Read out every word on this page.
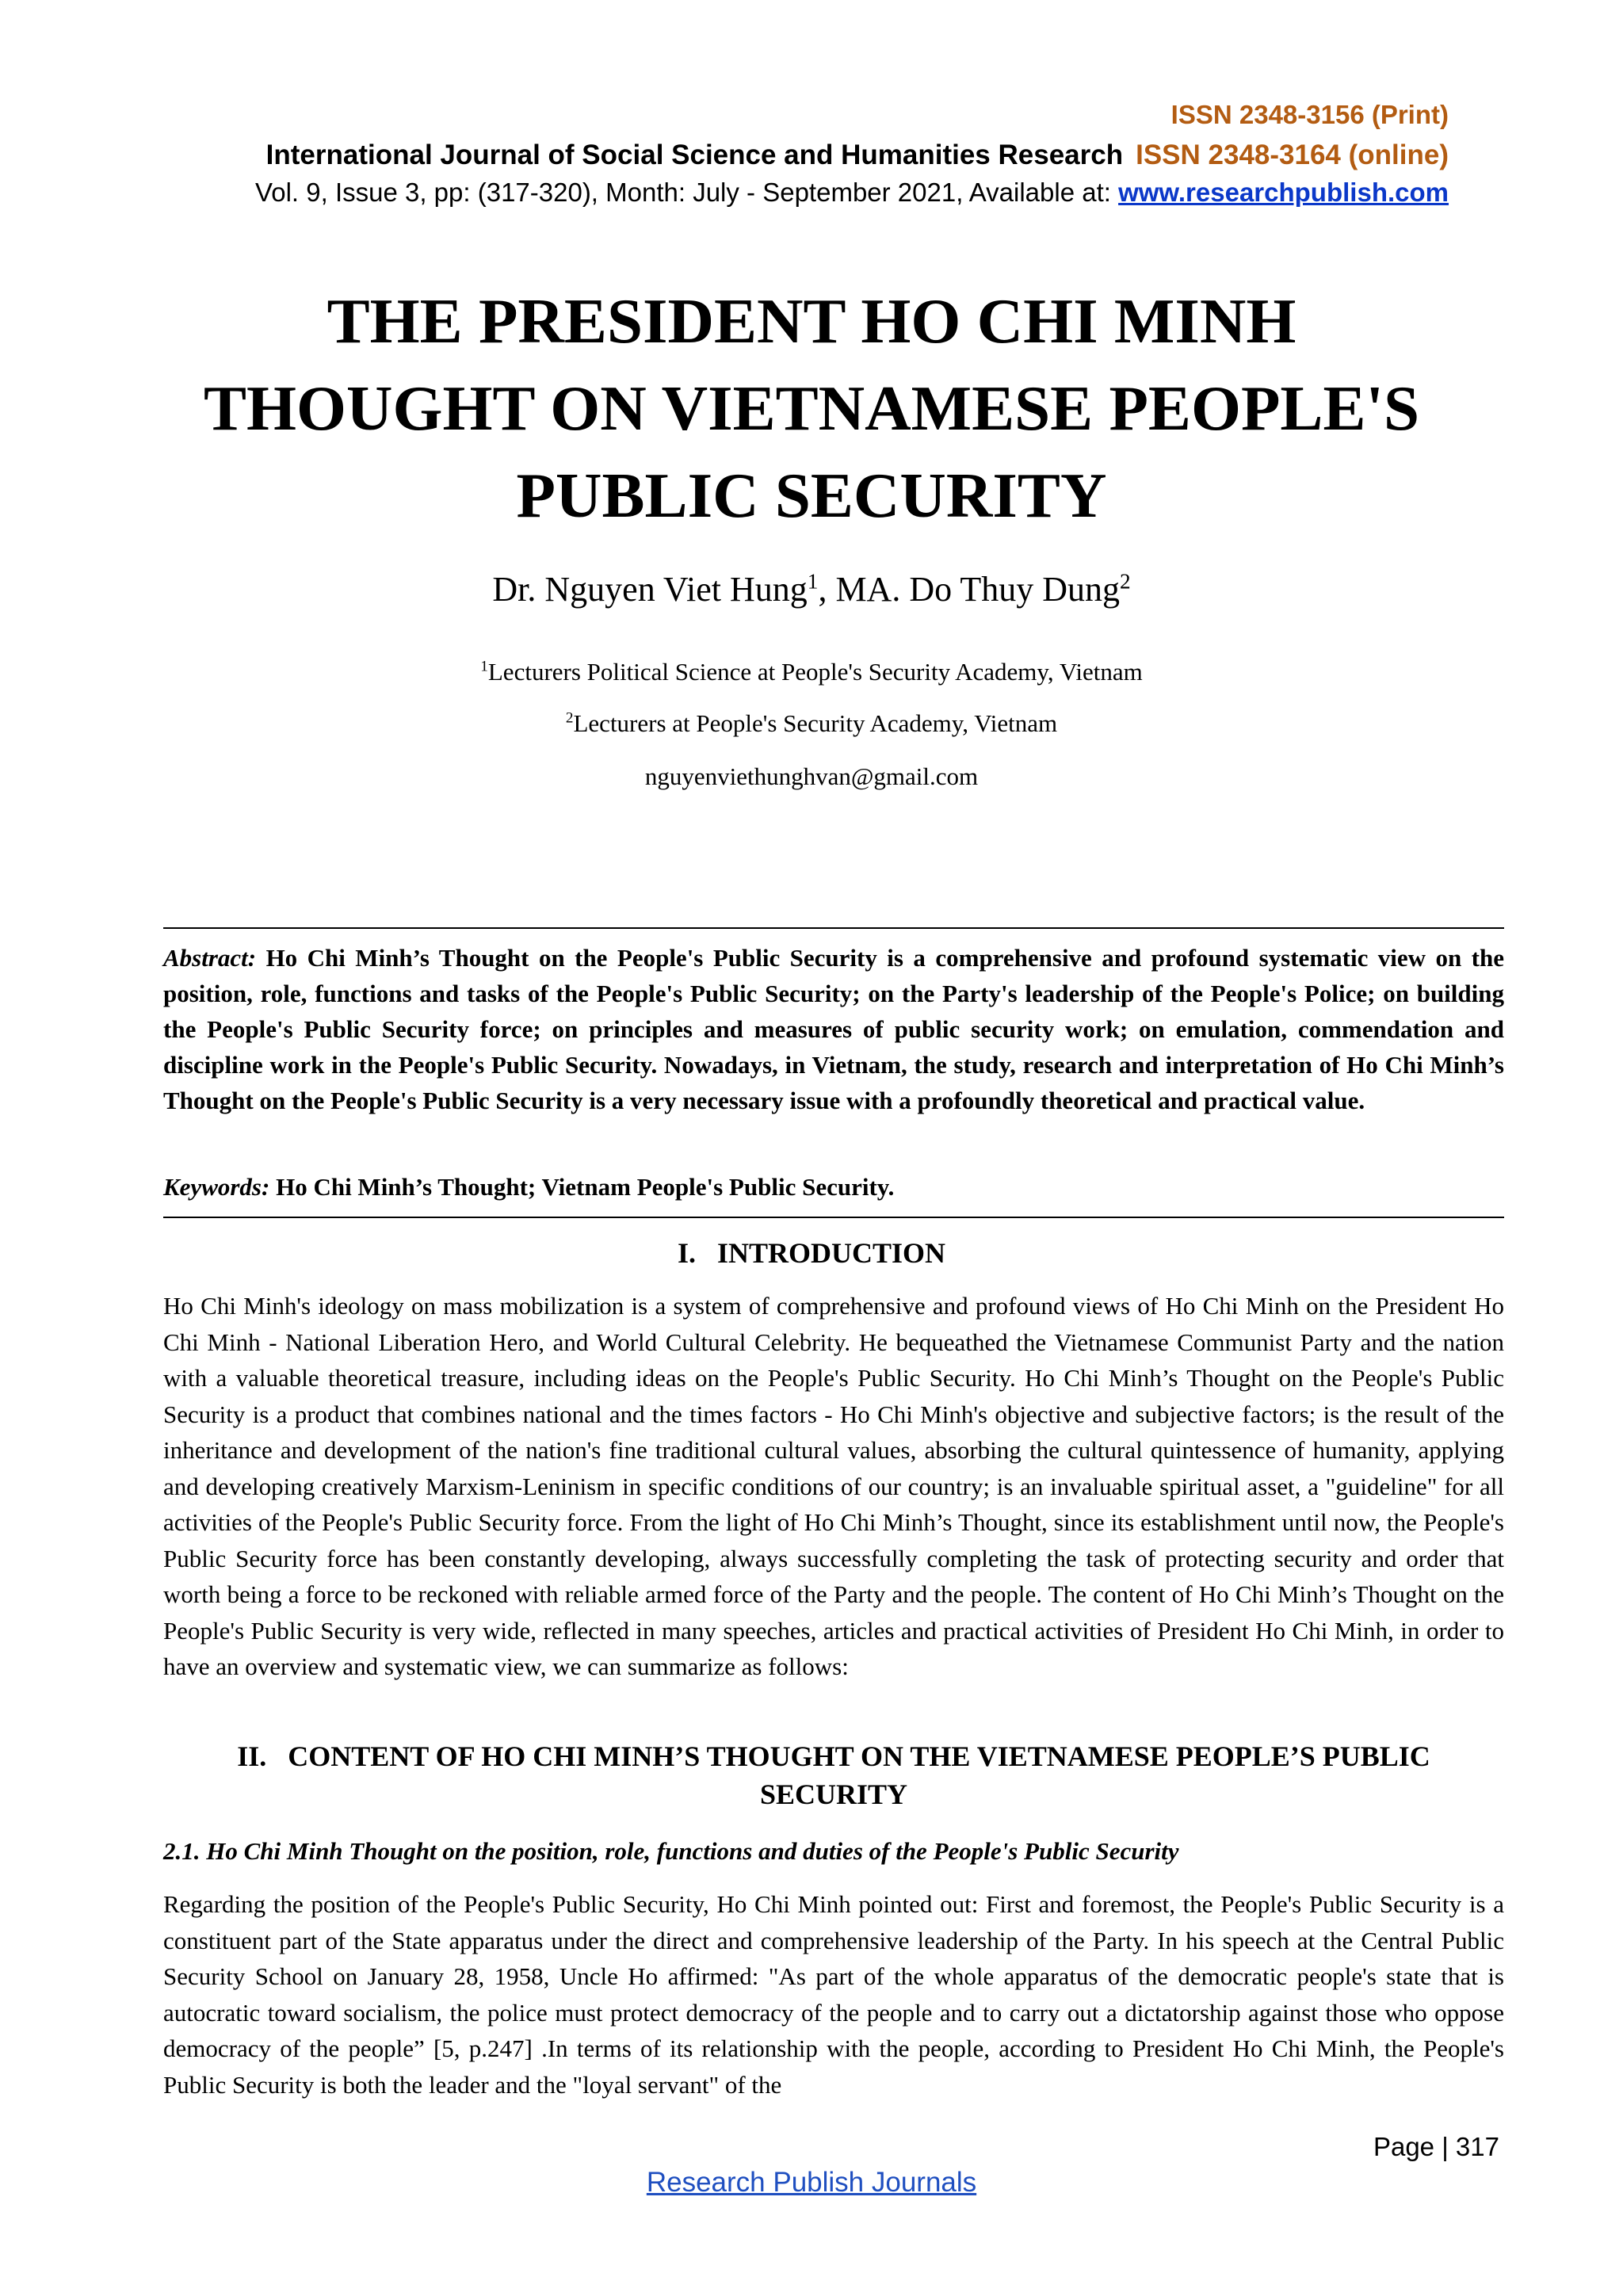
ISSN 2348-3156 (Print)
International Journal of Social Science and Humanities Research ISSN 2348-3164 (online)
Vol. 9, Issue 3, pp: (317-320), Month: July - September 2021, Available at: www.researchpublish.com
THE PRESIDENT HO CHI MINH
THOUGHT ON VIETNAMESE PEOPLE'S
PUBLIC SECURITY
Dr. Nguyen Viet Hung$^1$, MA. Do Thuy Dung$^2$
$^1$Lecturers Political Science at People's Security Academy, Vietnam
$^2$Lecturers at People's Security Academy, Vietnam
nguyenviethunghvan@gmail.com
Abstract: Ho Chi Minh’s Thought on the People's Public Security is a comprehensive and profound systematic view on the position, role, functions and tasks of the People's Public Security; on the Party's leadership of the People's Police; on building the People's Public Security force; on principles and measures of public security work; on emulation, commendation and discipline work in the People's Public Security. Nowadays, in Vietnam, the study, research and interpretation of Ho Chi Minh’s Thought on the People's Public Security is a very necessary issue with a profoundly theoretical and practical value.
Keywords: Ho Chi Minh’s Thought; Vietnam People's Public Security.
I.   INTRODUCTION
Ho Chi Minh's ideology on mass mobilization is a system of comprehensive and profound views of Ho Chi Minh on the President Ho Chi Minh - National Liberation Hero, and World Cultural Celebrity. He bequeathed the Vietnamese Communist Party and the nation with a valuable theoretical treasure, including ideas on the People's Public Security. Ho Chi Minh’s Thought on the People's Public Security is a product that combines national and the times factors - Ho Chi Minh's objective and subjective factors; is the result of the inheritance and development of the nation's fine traditional cultural values, absorbing the cultural quintessence of humanity, applying and developing creatively Marxism-Leninism in specific conditions of our country; is an invaluable spiritual asset, a "guideline" for all activities of the People's Public Security force. From the light of Ho Chi Minh’s Thought, since its establishment until now, the People's Public Security force has been constantly developing, always successfully completing the task of protecting security and order that worth being a force to be reckoned with reliable armed force of the Party and the people. The content of Ho Chi Minh’s Thought on the People's Public Security is very wide, reflected in many speeches, articles and practical activities of President Ho Chi Minh, in order to have an overview and systematic view, we can summarize as follows:
II.   CONTENT OF HO CHI MINH’S THOUGHT ON THE VIETNAMESE PEOPLE’S PUBLIC
SECURITY
2.1. Ho Chi Minh Thought on the position, role, functions and duties of the People's Public Security
Regarding the position of the People's Public Security, Ho Chi Minh pointed out: First and foremost, the People's Public Security is a constituent part of the State apparatus under the direct and comprehensive leadership of the Party. In his speech at the Central Public Security School on January 28, 1958, Uncle Ho affirmed: "As part of the whole apparatus of the democratic people's state that is autocratic toward socialism, the police must protect democracy of the people and to carry out a dictatorship against those who oppose democracy of the people” [5, p.247] .In terms of its relationship with the people, according to President Ho Chi Minh, the People's Public Security is both the leader and the "loyal servant" of the
Page | 317
Research Publish Journals
